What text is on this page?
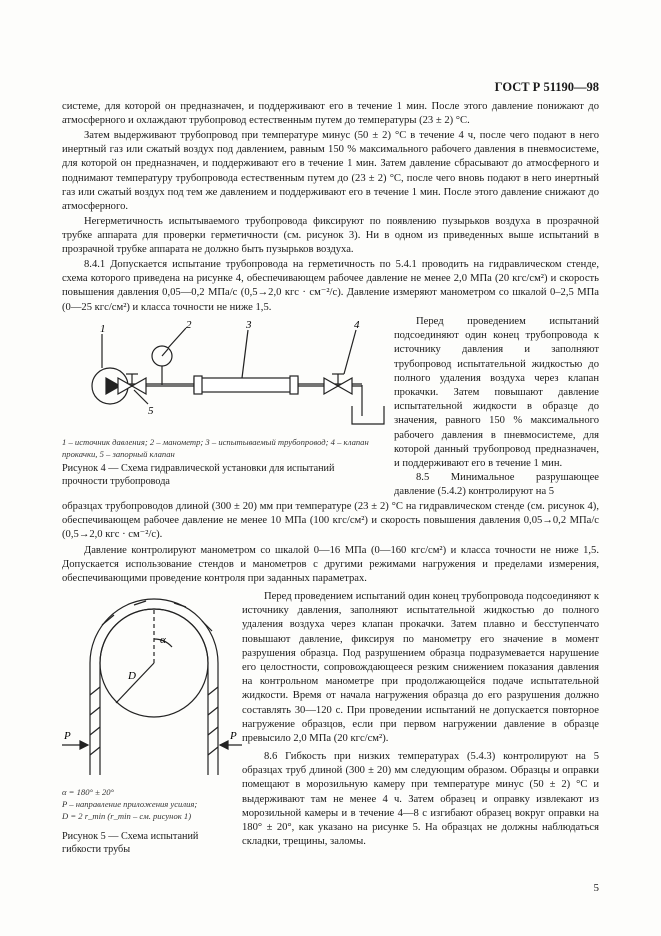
ГОСТ Р 51190—98

системе, для которой он предназначен, и поддерживают его в течение 1 мин. После этого давление понижают до атмосферного и охлаждают трубопровод естественным путем до температуры (23 ± 2) °С.

Затем выдерживают трубопровод при температуре минус (50 ± 2) °С в течение 4 ч, после чего подают в него инертный газ или сжатый воздух под давлением, равным 150 % максимального рабочего давления в пневмосистеме, для которой он предназначен, и поддерживают его в течение 1 мин. Затем давление сбрасывают до атмосферного и поднимают температуру трубопровода естественным путем до (23 ± 2) °С, после чего вновь подают в него инертный газ или сжатый воздух под тем же давлением и поддерживают его в течение 1 мин. После этого давление снижают до атмосферного.

Негерметичность испытываемого трубопровода фиксируют по появлению пузырьков воздуха в прозрачной трубке аппарата для проверки герметичности (см. рисунок 3). Ни в одном из приведенных выше испытаний в прозрачной трубке аппарата не должно быть пузырьков воздуха.

8.4.1 Допускается испытание трубопровода на герметичность по 5.4.1 проводить на гидравлическом стенде, схема которого приведена на рисунке 4, обеспечивающем рабочее давление не менее 2,0 МПа (20 кгс/см²) и скорость повышения давления 0,05—0,2 МПа/с (0,5→2,0 кгс · см⁻²/с). Давление измеряют манометром со шкалой 0–2,5 МПа (0—25 кгс/см²) и класса точности не ниже 1,5.

1	2	3	4
5
1 – источник давления; 2 – манометр; 3 – испытываемый трубопровод; 4 – клапан прокачки, 5 – запорный клапан
Рисунок 4 — Схема гидравлической установки для испытаний прочности трубопровода

Перед проведением испытаний подсоединяют один конец трубопровода к источнику давления и заполняют трубопровод испытательной жидкостью до полного удаления воздуха через клапан прокачки. Затем повышают давление испытательной жидкости в образце до значения, равного 150 % максимального рабочего давления в пневмосистеме, для которой данный трубопровод предназначен, и поддерживают его в течение 1 мин.

8.5 Минимальное разрушающее давление (5.4.2) контролируют на 5

образцах трубопроводов длиной (300 ± 20) мм при температуре (23 ± 2) °С на гидравлическом стенде (см. рисунок 4), обеспечивающем рабочее давление не менее 10 МПа (100 кгс/см²) и скорость повышения давления 0,05→0,2 МПа/с (0,5→2,0 кгс · см⁻²/с).

Давление контролируют манометром со шкалой 0—16 МПа (0—160 кгс/см²) и класса точности не ниже 1,5. Допускается использование стендов и манометров с другими режимами нагружения и пределами измерения, обеспечивающими проведение контроля при заданных параметрах.

α
D
P	P
α = 180° ± 20°
P – направление приложения усилия;
D = 2 r_min (r_min – см. рисунок 1)
Рисунок 5 — Схема испытаний гибкости трубы

Перед проведением испытаний один конец трубопровода подсоединяют к источнику давления, заполняют испытательной жидкостью до полного удаления воздуха через клапан прокачки. Затем плавно и бесступенчато повышают давление, фиксируя по манометру его значение в момент разрушения образца. Под разрушением образца подразумевается нарушение его целостности, сопровождающееся резким снижением показания давления на контрольном манометре при продолжающейся подаче испытательной жидкости. Время от начала нагружения образца до его разрушения должно составлять 30—120 с. При проведении испытаний не допускается повторное нагружение образцов, если при первом нагружении давление в образце превысило 2,0 МПа (20 кгс/см²).

8.6 Гибкость при низких температурах (5.4.3) контролируют на 5 образцах труб длиной (300 ± 20) мм следующим образом. Образцы и оправки помещают в морозильную камеру при температуре минус (50 ± 2) °С и выдерживают там не менее 4 ч. Затем образец и оправку извлекают из морозильной камеры и в течение 4—8 с изгибают образец вокруг оправки на 180° ± 20°, как указано на рисунке 5. На образцах не должны наблюдаться складки, трещины, заломы.

5
